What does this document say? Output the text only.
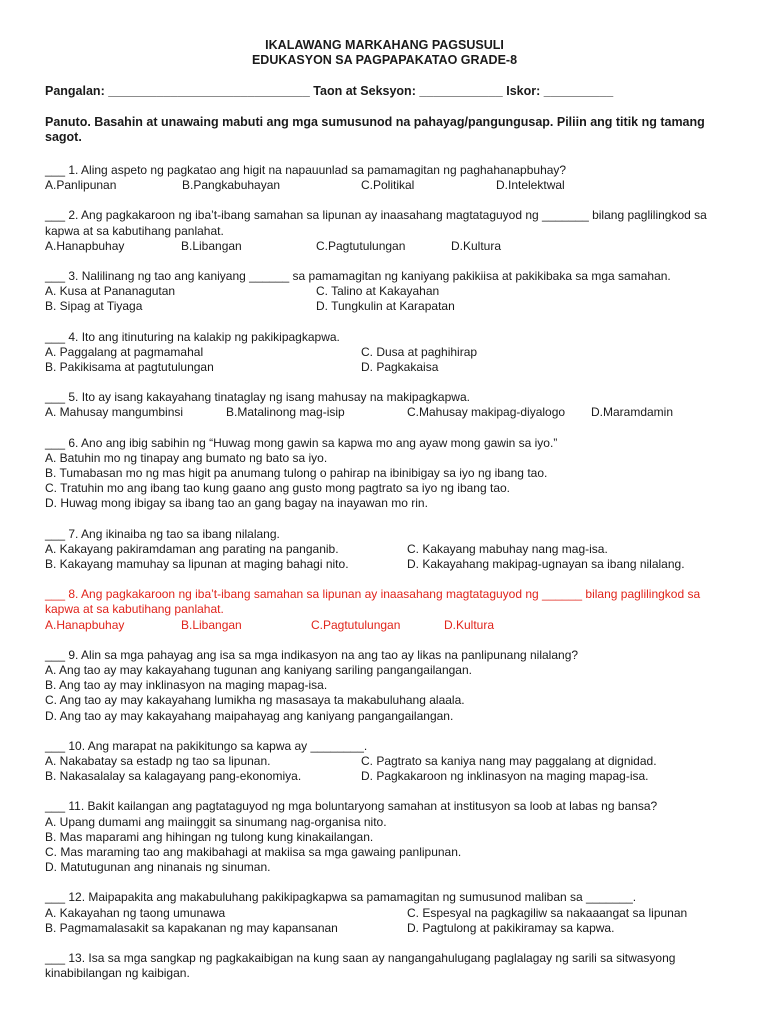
IKALAWANG MARKAHANG PAGSUSULI
EDUKASYON SA PAGPAPAKATAO GRADE-8
Pangalan: _____________________________ Taon at Seksyon: ____________ Iskor: __________
Panuto. Basahin at unawaing mabuti ang mga sumusunod na pahayag/pangungusap. Piliin ang titik ng tamang sagot.
___ 1. Aling aspeto ng pagkatao ang higit na napauunlad sa pamamagitan ng paghahanapbuhay?
A.Panlipunan	B.Pangkabuhayan	C.Politikal	D.Intelektwal
___ 2. Ang pagkakaroon ng iba’t-ibang samahan sa lipunan ay inaasahang magtataguyod ng _______ bilang paglilingkod sa kapwa at sa kabutihang panlahat.
A.Hanapbuhay	B.Libangan	C.Pagtutulungan	D.Kultura
___ 3. Nalilinang ng tao ang kaniyang ______ sa pamamagitan ng kaniyang pakikiisa at pakikibaka sa mga samahan.
A. Kusa at Pananagutan
B. Sipag at Tiyaga
C. Talino at Kakayahan
D. Tungkulin at Karapatan
___ 4. Ito ang itinuturing na kalakip ng pakikipagkapwa.
A. Paggalang at pagmamahal
B. Pakikisama at pagtutulungan
C. Dusa at paghihirap
D. Pagkakaisa
___ 5. Ito ay isang kakayahang tinataglay ng isang mahusay na makipagkapwa.
A. Mahusay mangumbinsi	B.Matalinong mag-isip	C.Mahusay makipag-diyalogo D.Maramdamin
___ 6. Ano ang ibig sabihin ng “Huwag mong gawin sa kapwa mo ang ayaw mong gawin sa iyo.”
A. Batuhin mo ng tinapay ang bumato ng bato sa iyo.
B. Tumabasan mo ng mas higit pa anumang tulong o pahirap na ibinibigay sa iyo ng ibang tao.
C. Tratuhin mo ang ibang tao kung gaano ang gusto mong pagtrato sa iyo ng ibang tao.
D. Huwag mong ibigay sa ibang tao an gang bagay na inayawan mo rin.
___ 7. Ang ikinaiba ng tao sa ibang nilalang.
A. Kakayang pakiramdaman ang parating na panganib.
B. Kakayang mamuhay sa lipunan at maging bahagi nito.
C. Kakayang mabuhay nang mag-isa.
D. Kakayahang makipag-ugnayan sa ibang nilalang.
___ 8. Ang pagkakaroon ng iba’t-ibang samahan sa lipunan ay inaasahang magtataguyod ng ______ bilang paglilingkod sa kapwa at sa kabutihang panlahat.
A.Hanapbuhay	B.Libangan	C.Pagtutulungan	D.Kultura
___ 9. Alin sa mga pahayag ang isa sa mga indikasyon na ang tao ay likas na panlipunang nilalang?
A. Ang tao ay may kakayahang tugunan ang kaniyang sariling pangangailangan.
B. Ang tao ay may inklinasyon na maging mapag-isa.
C. Ang tao ay may kakayahang lumikha ng masasaya ta makabuluhang alaala.
D. Ang tao ay may kakayahang maipahayag ang kaniyang pangangailangan.
___ 10. Ang marapat na pakikitungo sa kapwa ay ________.
A. Nakabatay sa estadp ng tao sa lipunan.
B. Nakasalalay sa kalagayang pang-ekonomiya.
C. Pagtrato sa kaniya nang may paggalang at dignidad.
D. Pagkakaroon ng inklinasyon na maging mapag-isa.
___ 11. Bakit kailangan ang pagtataguyod ng mga boluntaryong samahan at institusyon sa loob at labas ng bansa?
A. Upang dumami ang maiinggit sa sinumang nag-organisa nito.
B. Mas maparami ang hihingan ng tulong kung kinakailangan.
C. Mas maraming tao ang makibahagi at makiisa sa mga gawaing panlipunan.
D. Matutugunan ang ninanais ng sinuman.
___ 12. Maipapakita ang makabuluhang pakikipagkapwa sa pamamagitan ng sumusunod maliban sa _______.
A. Kakayahan ng taong umunawa
B. Pagmamalasakit sa kapakanan ng may kapansanan
C. Espesyal na pagkagiliw sa nakaaangat sa lipunan
D. Pagtulong at pakikiramay sa kapwa.
___ 13. Isa sa mga sangkap ng pagkakaibigan na kung saan ay nangangahulugang paglalagay ng sarili sa sitwasyong kinabibilangan ng kaibigan.
